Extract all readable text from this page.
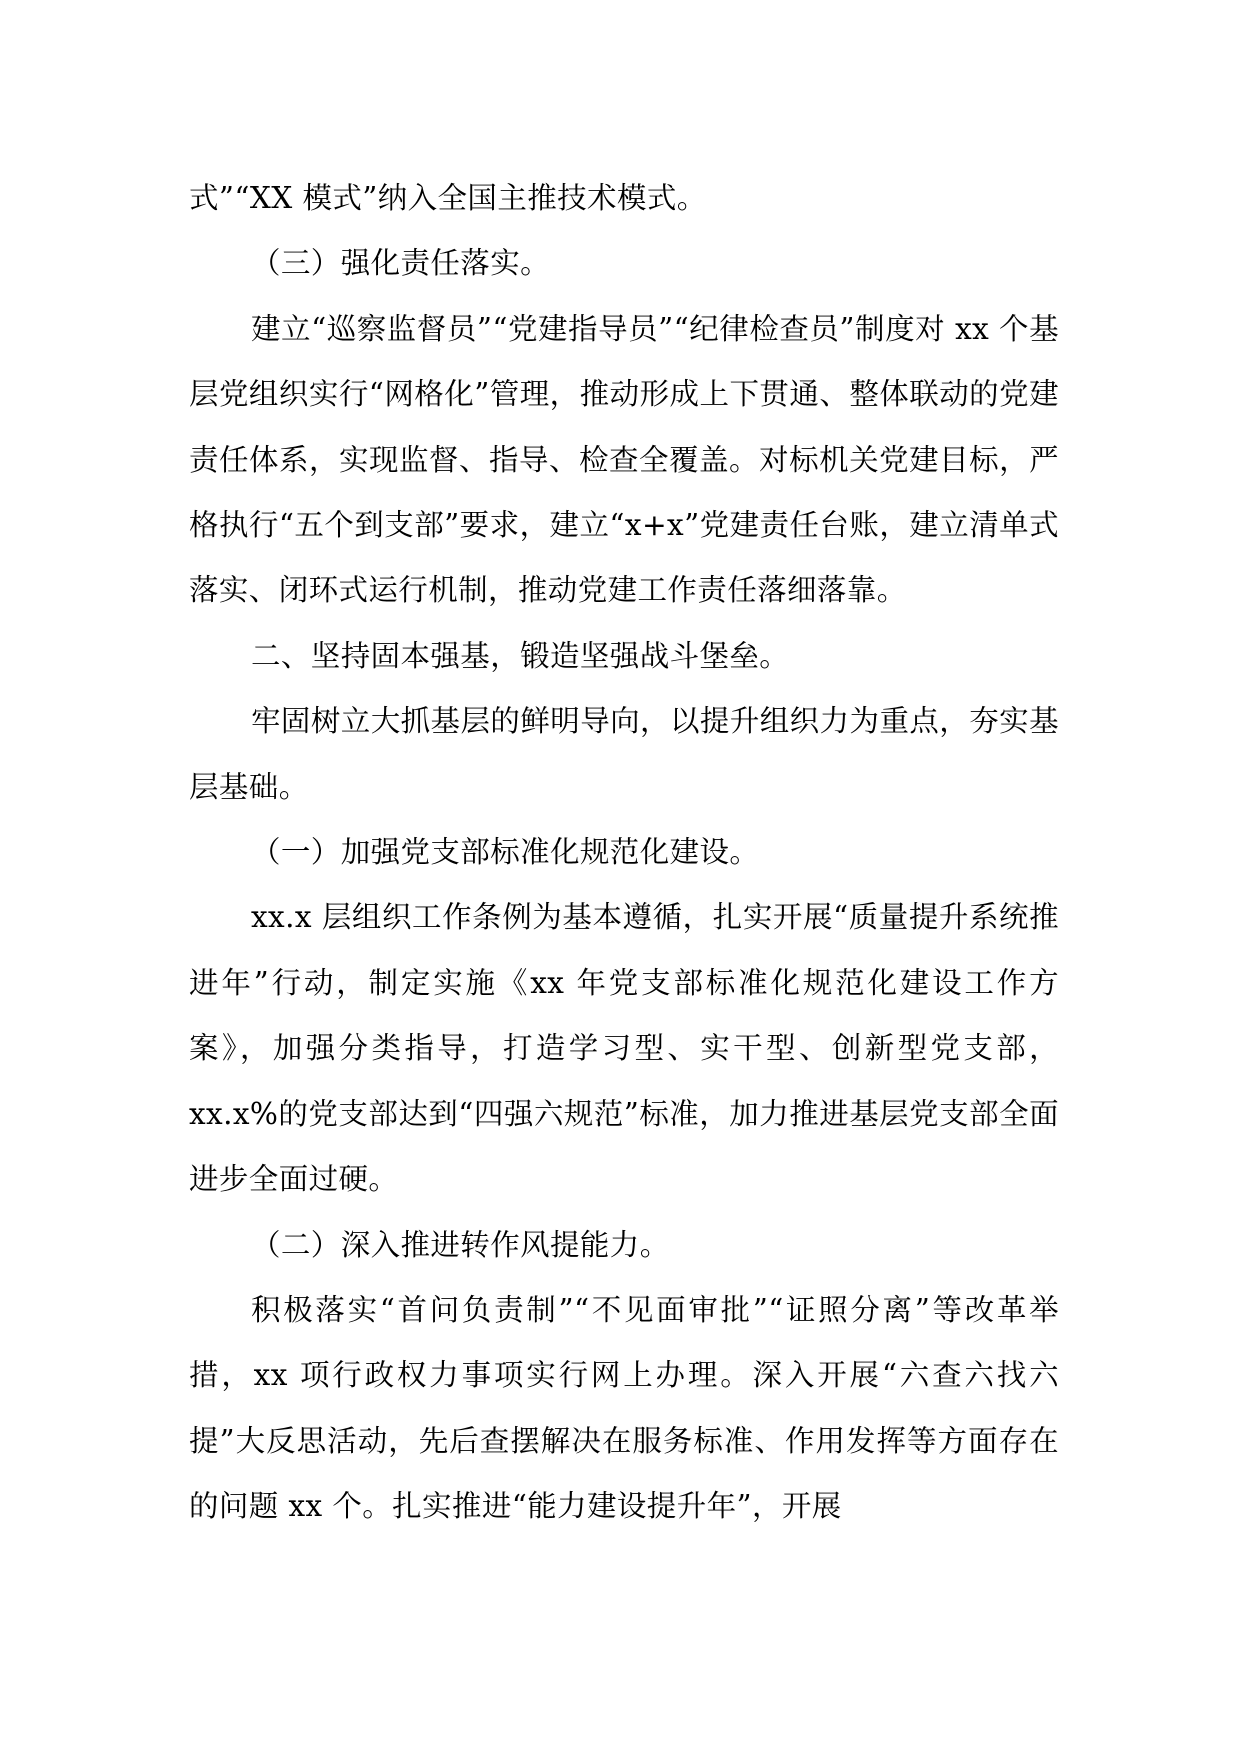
式”“XX 模式”纳入全国主推技术模式。

（三）强化责任落实。

建立“巡察监督员”“党建指导员”“纪律检查员”制度对 xx 个基层党组织实行“网格化”管理，推动形成上下贯通、整体联动的党建责任体系，实现监督、指导、检查全覆盖。对标机关党建目标，严格执行“五个到支部”要求，建立“x+x”党建责任台账，建立清单式落实、闭环式运行机制，推动党建工作责任落细落靠。

二、坚持固本强基，锻造坚强战斗堡垒。

牢固树立大抓基层的鲜明导向，以提升组织力为重点，夯实基层基础。

（一）加强党支部标准化规范化建设。

xx.x 层组织工作条例为基本遵循，扎实开展“质量提升系统推进年”行动，制定实施《xx 年党支部标准化规范化建设工作方案》，加强分类指导，打造学习型、实干型、创新型党支部，xx.x%的党支部达到“四强六规范”标准，加力推进基层党支部全面进步全面过硬。

（二）深入推进转作风提能力。

积极落实“首问负责制”“不见面审批”“证照分离”等改革举措，xx 项行政权力事项实行网上办理。深入开展“六查六找六提”大反思活动，先后查摆解决在服务标准、作用发挥等方面存在的问题 xx 个。扎实推进“能力建设提升年”，开展
